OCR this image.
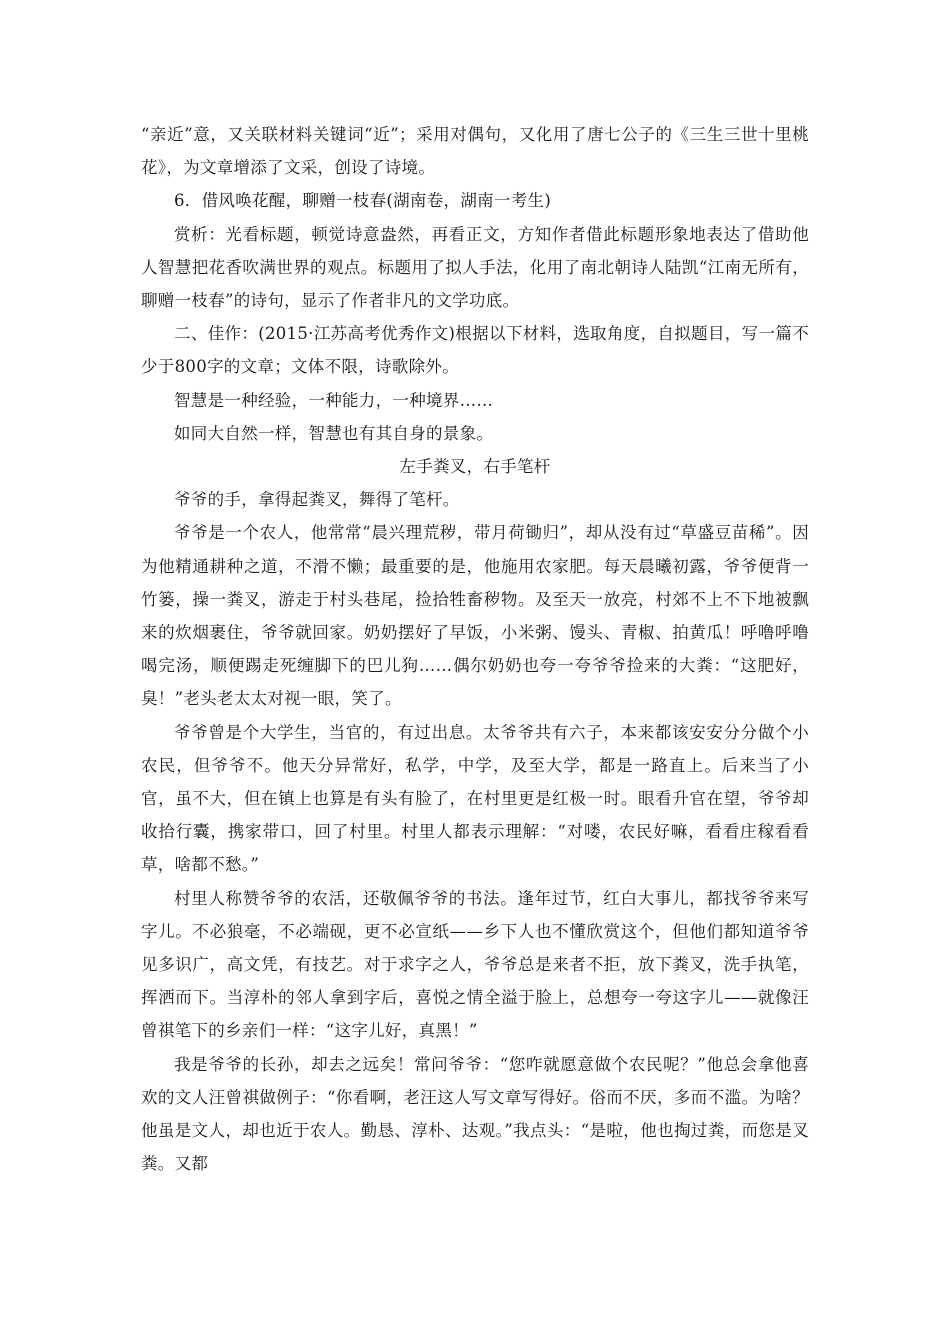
“亲近”意，又关联材料关键词“近”；采用对偶句，又化用了唐七公子的《三生三世十里桃花》，为文章增添了文采，创设了诗境。

6．借风唤花醒，聊赠一枝春(湖南卷，湖南一考生)

赏析：光看标题，顿觉诗意盎然，再看正文，方知作者借此标题形象地表达了借助他人智慧把花香吹满世界的观点。标题用了拟人手法，化用了南北朝诗人陆凯“江南无所有，聊赠一枝春”的诗句，显示了作者非凡的文学功底。

二、佳作：(2015·江苏高考优秀作文)根据以下材料，选取角度，自拟题目，写一篇不少于800字的文章；文体不限，诗歌除外。

智慧是一种经验，一种能力，一种境界……

如同大自然一样，智慧也有其自身的景象。

左手粪叉，右手笔杆

爷爷的手，拿得起粪叉，舞得了笔杆。

爷爷是一个农人，他常常“晨兴理荒秽，带月荷锄归”，却从没有过“草盛豆苗稀”。因为他精通耕种之道，不滑不懒；最重要的是，他施用农家肥。每天晨曦初露，爷爷便背一竹篓，操一粪叉，游走于村头巷尾，捡拾牲畜秽物。及至天一放亮，村郊不上不下地被飘来的炊烟裹住，爷爷就回家。奶奶摆好了早饭，小米粥、馒头、青椒、拍黄瓜！呼噜呼噜喝完汤，顺便踢走死缠脚下的巴儿狗……偶尔奶奶也夸一夸爷爷捡来的大粪：“这肥好，臭！”老头老太太对视一眼，笑了。

爷爷曾是个大学生，当官的，有过出息。太爷爷共有六子，本来都该安安分分做个小农民，但爷爷不。他天分异常好，私学，中学，及至大学，都是一路直上。后来当了小官，虽不大，但在镇上也算是有头有脸了，在村里更是红极一时。眼看升官在望，爷爷却收拾行囊，携家带口，回了村里。村里人都表示理解：“对喽，农民好嘛，看看庄稼看看草，啥都不愁。”

村里人称赞爷爷的农活，还敬佩爷爷的书法。逢年过节，红白大事儿，都找爷爷来写字儿。不必狼毫，不必端砚，更不必宣纸——乡下人也不懂欣赏这个，但他们都知道爷爷见多识广，高文凭，有技艺。对于求字之人，爷爷总是来者不拒，放下粪叉，洗手执笔，挥洒而下。当淳朴的邻人拿到字后，喜悦之情全溢于脸上，总想夸一夸这字儿——就像汪曾祺笔下的乡亲们一样：“这字儿好，真黑！”

我是爷爷的长孙，却去之远矣！常问爷爷：“您咋就愿意做个农民呢？”他总会拿他喜欢的文人汪曾祺做例子：“你看啊，老汪这人写文章写得好。俗而不厌，多而不滥。为啥？他虽是文人，却也近于农人。勤恳、淳朴、达观。”我点头：“是啦，他也掏过粪，而您是叉粪。又都
